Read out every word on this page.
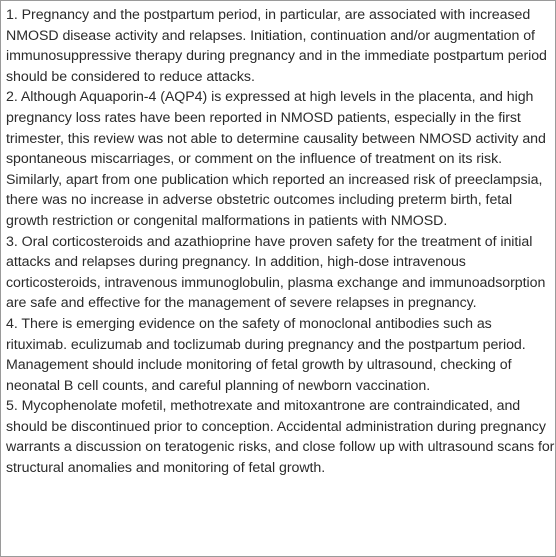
1. Pregnancy and the postpartum period, in particular, are associated with increased NMOSD disease activity and relapses. Initiation, continuation and/or augmentation of immunosuppressive therapy during pregnancy and in the immediate postpartum period should be considered to reduce attacks.

2. Although Aquaporin-4 (AQP4) is expressed at high levels in the placenta, and high pregnancy loss rates have been reported in NMOSD patients, especially in the first trimester, this review was not able to determine causality between NMOSD activity and spontaneous miscarriages, or comment on the influence of treatment on its risk. Similarly, apart from one publication which reported an increased risk of preeclampsia, there was no increase in adverse obstetric outcomes including preterm birth, fetal growth restriction or congenital malformations in patients with NMOSD.

3. Oral corticosteroids and azathioprine have proven safety for the treatment of initial attacks and relapses during pregnancy. In addition, high-dose intravenous corticosteroids, intravenous immunoglobulin, plasma exchange and immunoadsorption are safe and effective for the management of severe relapses in pregnancy.

4. There is emerging evidence on the safety of monoclonal antibodies such as rituximab. eculizumab and toclizumab during pregnancy and the postpartum period. Management should include monitoring of fetal growth by ultrasound, checking of neonatal B cell counts, and careful planning of newborn vaccination.

5. Mycophenolate mofetil, methotrexate and mitoxantrone are contraindicated, and should be discontinued prior to conception. Accidental administration during pregnancy warrants a discussion on teratogenic risks, and close follow up with ultrasound scans for structural anomalies and monitoring of fetal growth.
